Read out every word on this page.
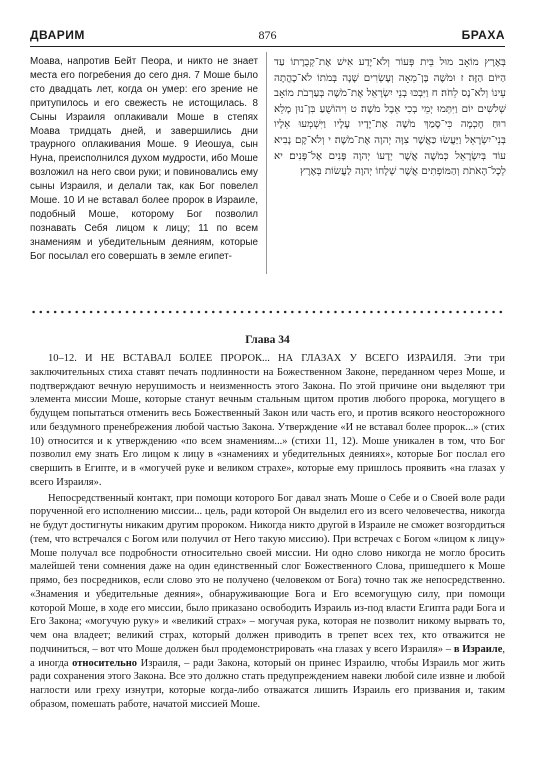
ДВАРИМ	876	БРАХА
Моава, напротив Бейт Пеора, и никто не знает места его погребения до сего дня. 7 Моше было сто двадцать лет, когда он умер: его зрение не притупилось и его свежесть не истощилась. 8 Сыны Израиля оплакивали Моше в степях Моава тридцать дней, и завершились дни траурного оплакивания Моше. 9 Иеошуа, сын Нуна, преисполнился духом мудрости, ибо Моше возложил на него свои руки; и повиновались ему сыны Израиля, и делали так, как Бог повелел Моше. 10 И не вставал более пророк в Израиле, подобный Моше, которому Бог позволил познавать Себя лицом к лицу; 11 по всем знамениям и убедительным деяниям, которые Бог посылал его совершать в земле египет-
בְּאֶרֶץ מוֹאָב מוּל בֵּית פְּעוֹר וְלֹא־יָדַע אִישׁ אֶת־קְבֻרָתוֹ עַד הַיּוֹם הַזֶּה׃ ז וּמֹשֶׁה בֶּן־מֵאָה וְעֶשְׂרִים שָׁנָה בְּמֹתוֹ לֹא־כָהֲתָה עֵינוֹ וְלֹא־נָס לֵחֹה׃ ח וַיִּבְכּוּ בְנֵי יִשְׂרָאֵל אֶת־מֹשֶׁה בְּעַרְבֹת מוֹאָב שְׁלֹשִׁים יוֹם וַיִּתְּמוּ יְמֵי בְכִי אֵבֶל מֹשֶׁה׃ ט וִיהוֹשֻׁעַ בִּן־נוּן מָלֵא רוּחַ חָכְמָה כִּי־סָמַךְ מֹשֶׁה אֶת־יָדָיו עָלָיו וַיִּשְׁמְעוּ אֵלָיו בְּנֵי־יִשְׂרָאֵל וַיַּעֲשׂוּ כַּאֲשֶׁר צִוָּה יְהוָה אֶת־מֹשֶׁה׃ י וְלֹא־קָם נָבִיא עוֹד בְּיִשְׂרָאֵל כְּמֹשֶׁה אֲשֶׁר יְדָעוֹ יְהוָה פָּנִים אֶל־פָּנִים׃ יא לְכָל־הָאֹתֹת וְהַמּוֹפְתִים אֲשֶׁר שְׁלָחוֹ יְהוָה לַעֲשׂוֹת בְּאֶרֶץ
Глава 34

10–12. И НЕ ВСТАВАЛ БОЛЕЕ ПРОРОК... НА ГЛАЗАХ У ВСЕГО ИЗРАИЛЯ. Эти три заключительных стиха ставят печать подлинности на Божественном Законе, переданном через Моше, и подтверждают вечную нерушимость и неизменность этого Закона. По этой причине они выделяют три элемента миссии Моше, которые станут вечным стальным щитом против любого пророка, могущего в будущем попытаться отменить весь Божественный Закон или часть его, и против всякого неосторожного или бездумного пренебрежения любой частью Закона. Утверждение «И не вставал более пророк...» (стих 10) относится и к утверждению «по всем знамениям...» (стихи 11, 12). Моше уникален в том, что Бог позволил ему знать Его лицом к лицу в «знамениях и убедительных деяниях», которые Бог послал его свершить в Египте, и в «могучей руке и великом страхе», которые ему пришлось проявить «на глазах у всего Израиля».

Непосредственный контакт, при помощи которого Бог давал знать Моше о Себе и о Своей воле ради порученной его исполнению миссии... цель, ради которой Он выделил его из всего человечества, никогда не будут достигнуты никаким другим пророком. Никогда никто другой в Израиле не сможет возгордиться (тем, что встречался с Богом или получил от Него такую миссию). При встречах с Богом «лицом к лицу» Моше получал все подробности относительно своей миссии. Ни одно слово никогда не могло бросить малейшей тени сомнения даже на один единственный слог Божественного Слова, пришедшего к Моше прямо, без посредников, если слово это не получено (человеком от Бога) точно так же непосредственно. «Знамения и убедительные деяния», обнаруживающие Бога и Его всемогущую силу, при помощи которой Моше, в ходе его миссии, было приказано освободить Израиль из-под власти Египта ради Бога и Его Закона; «могучую руку» и «великий страх» – могучая рука, которая не позволит никому вырвать то, чем она владеет; великий страх, который должен приводить в трепет всех тех, кто отважится не подчиниться, – вот что Моше должен был продемонстрировать «на глазах у всего Израиля» – в Израиле, а иногда относительно Израиля, – ради Закона, который он принес Израилю, чтобы Израиль мог жить ради сохранения этого Закона. Все это должно стать предупреждением навеки любой силе извне и любой наглости или греху изнутри, которые когда-либо отважатся лишить Израиль его призвания и, таким образом, помешать работе, начатой миссией Моше.
